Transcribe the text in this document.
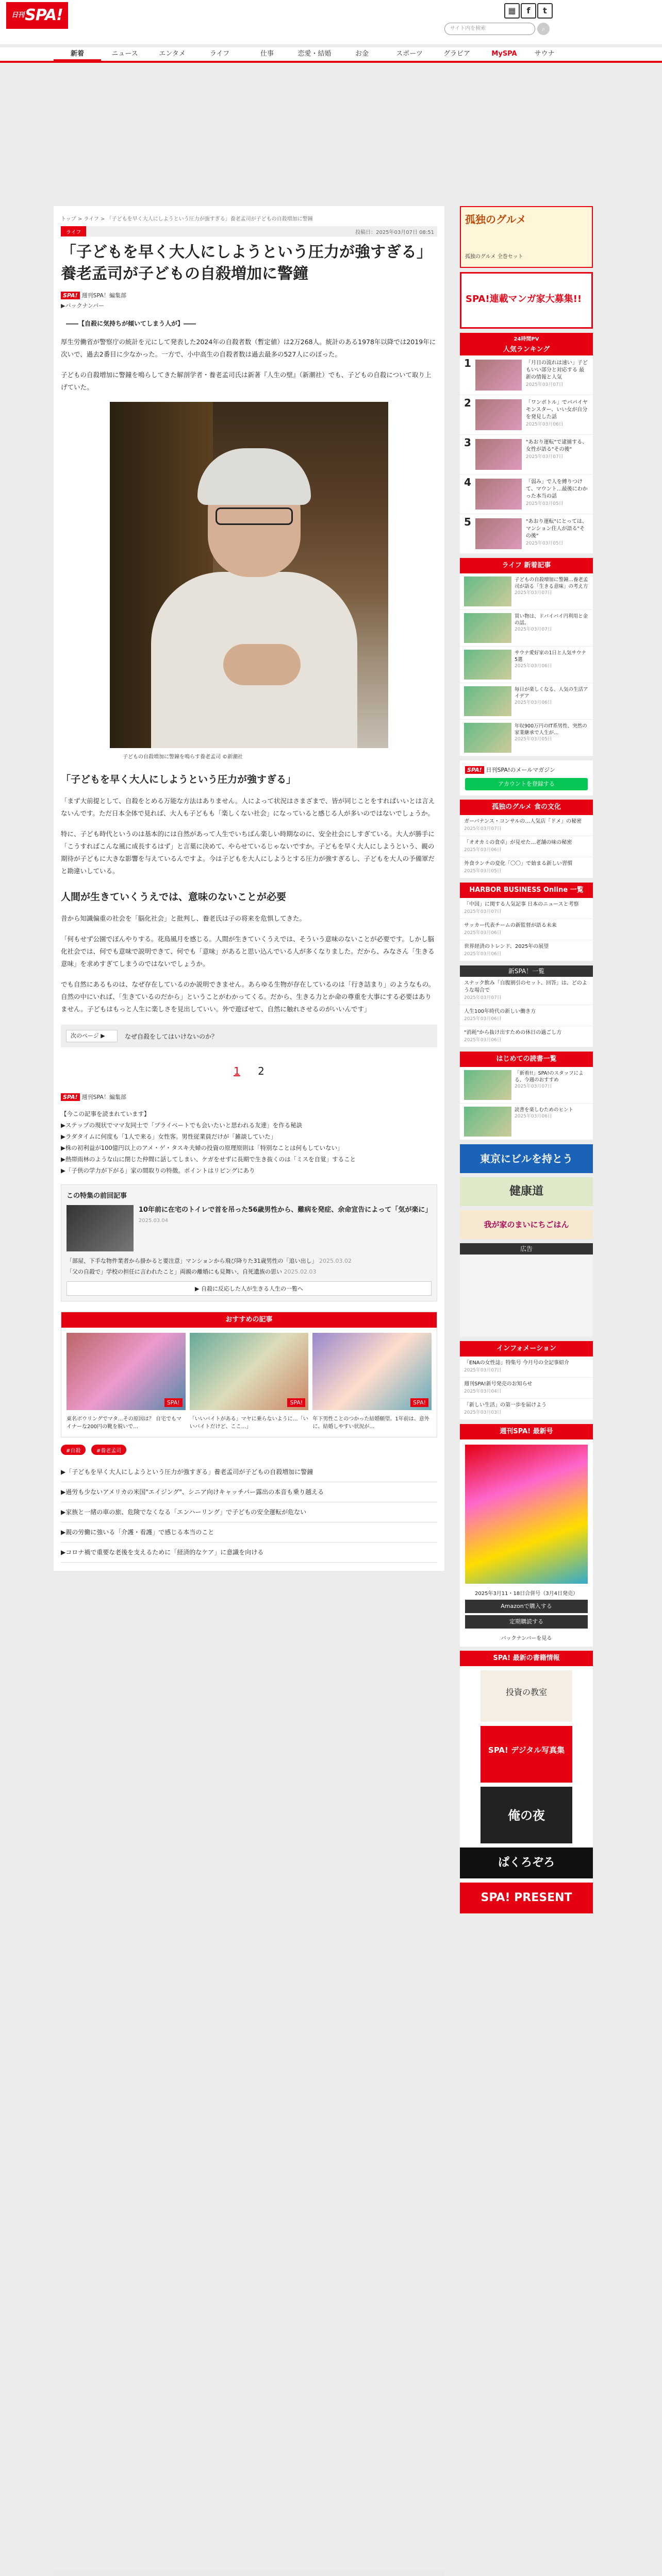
$^{日刊}$SPA!
サイト内を検索	⌕
f	t
▦
新着	ニュース	エンタメ	ライフ	仕事	恋愛・結婚	お金	スポーツ	グラビア	MySPA	サウナ
トップ > ライフ > 「子どもを早く大人にしようという圧力が強すぎる」養老孟司が子どもの自殺増加に警鐘
ライフ	投稿日：2025年03月07日 08:51
「子どもを早く大人にしようという圧力が強すぎる」養老孟司が子どもの自殺増加に警鐘
SPA! 週刊SPA！編集部
▶バックナンバー
――【自殺に気持ちが傾いてしまう人が】――

厚生労働省が警察庁の統計を元にして発表した2024年の自殺者数（暫定値）は2万268人。統計のある1978年以降では2019年に次いで、過去2番目に少なかった。一方で、小中高生の自殺者数は過去最多の527人にのぼった。

子どもの自殺増加に警鐘を鳴らしてきた解剖学者・養老孟司氏は新著『人生の壁』（新潮社）でも、子どもの自殺について取り上げていた。

子どもの自殺増加に警鐘を鳴らす養老孟司 ©新潮社
「子どもを早く大人にしようという圧力が強すぎる」

「まず大前提として、自殺をとめる万能な方法はありません。人によって状況はさまざまで、皆が同じことをすればいいとは言えないんです。ただ日本全体で見れば、大人も子どもも「楽しくない社会」になっていると感じる人が多いのではないでしょうか。

特に、子ども時代というのは基本的には自然があって人生でいちばん楽しい時期なのに、安全社会にしすぎている。大人が勝手に「こうすればこんな風に成長するはず」と言葉に決めて、やらせているじゃないですか。子どもを早く大人にしようという、親の期待が子どもに大きな影響を与えているんですよ。今は子どもを大人にしようとする圧力が強すぎるし、子どもを大人の予備軍だと勘違いしている。

人間が生きていくうえでは、意味のないことが必要

昔から知識偏重の社会を「脳化社会」と批判し、養老氏は子の将来を危惧してきた。

「何もせず公園でぼんやりする。花鳥風月を感じる。人間が生きていくうえでは、そういう意味のないことが必要です。しかし脳化社会では、何でも意味で説明できて、何でも「意味」があると思い込んでいる人が多くなりました。だから、みなさん「生きる意味」を求めすぎてしまうのではないでしょうか。

でも自然にあるものは、なぜ存在しているのか説明できません。あらゆる生物が存在しているのは「行き詰まり」のようなもの。自然の中にいれば、「生きているのだから」ということがわかってくる。だから、生きる力とか命の尊重を大事にする必要はありません。子どもはもっと人生に楽しさを見出していい。外で遊ばせて、自然に触れさせるのがいいんです」

次のページ ▶	なぜ自殺をしてはいけないのか？
1 2
SPA! 週刊SPA！編集部
【今この記事を読まれています】
▶ステップの現状でママ友同士で「プライベートでも会いたいと思われる友達」を作る秘訣
▶ラダタイムに何度も「1人で来る」女性客。男性従業員だけが「雑談していた」
▶株の初利益が100億円以上のアメ・ゲ・タスキ夫婦の投資の原理原則は「特別なことは何もしていない」
▶熱帯雨林のような山に閉じた仲間に話してしまい、ケガをせずに長期で生き抜くのは「ミスを自覚」すること
▶「子供の学力が下がる」家の間取りの特徴。ポイントはリビングにあり
この特集の前回記事
10年前に在宅のトイレで首を吊った56歳男性から、難病を発症、余命宣告によって「気が楽に」
2025.03.04
「部屋、下手な物件業者から掛かると要注意」マンションから飛び降りた31歳男性の「追い出し」 2025.03.02
「父の自殺で」学校の担任に言われたこと」両親の離婚にも見舞い、自死遺族の思い 2025.02.03
▶ 自殺に反応した人が生きる人生の一覧へ
おすすめの記事
SPA!	SPA!	SPA!
東名ボウリングでマタ…その原因は？ 自宅でもマイナーな200円の靴を脱いで…
「いいバイトがある」マヤに乗らないように…「いいバイトだけど、ここ…」
年下男性ことのつかった結婚願望。1年前は、意外に、結婚しやすい状況が…
#自殺	#養老孟司
▶「子どもを早く大人にしようという圧力が強すぎる」養老孟司が子どもの自殺増加に警鐘
▶過労も少ないアメリカの米国"エイジング"、シニア向けキャッチバー露出の本音も乗り越える
▶家族と一緒の車の旅、危険でなくなる「エンハーリング」で子どもの安全運転が危ない
▶親の労働に強いる「介護・看護」で感じる本当のこと
▶コロナ禍で重要な老後を支えるために「経済的なケア」に意識を向ける
孤独のグルメ
孤独のグルメ 全巻セット
SPA!連載マンガ家大募集!!
24時間PV
人気ランキング
1	「月日の流れは速い」子どもいい部分と対応する 最新の情報と人気
2025年03月07日
2	「ワンボトル」でパパイヤモンスター、いい女が自分を発見した話
2025年03月06日
3	"あおり運転"で逮捕する、女性が語る"その後"
2025年03月07日
4	「弱み」で人を縛りつけて、マウント…最後にわかった本当の話
2025年03月05日
5	"あおり運転"にとっては、マンション住人が語る"その後"
2025年03月05日
ライフ 新着記事
子どもの自殺増加に警鐘…養老孟司が語る「生きる意味」の考え方
2025年03月07日
買い物は、ドバイバイ円利用と金の話。
2025年03月07日
サウナ愛好家の1日と人気サウナ5選
2025年03月06日
毎日が楽しくなる、人気の生活アイデア
2025年03月06日
年収900万円のIT系男性、突然の家業継承で人生が…
2025年03月05日
SPA! 日刊SPA!のメールマガジン
アカウントを登録する
孤独のグルメ 食の文化
ガーバナンス・コンサルの…人気店「ドメ」の秘密
2025年03月07日
「オオカミの食卓」が見せた…老舗の味の秘密
2025年03月06日
外食ランチの変化「〇〇」で始まる新しい習慣
2025年03月05日
HARBOR BUSINESS Online 一覧
「中国」に関する人気記事 日本のニュースと考察
2025年03月07日
サッカー代表チームの新監督が語る未来
2025年03月06日
世界経済のトレンド、2025年の展望
2025年03月06日
新SPA！一覧
スナック飲み「自腹割引のセット、回答」は、どのような場合で
2025年03月07日
人生100年時代の新しい働き方
2025年03月06日
"消耗"から抜け出すための休日の過ごし方
2025年03月06日
はじめての読書一覧
「新着!!」SPA!のスタッフによる、今週のおすすめ
2025年03月07日
読書を楽しむためのヒント
2025年03月06日
東京にビルを持とう
健康道
我が家のまいにちごはん
広告
インフォメーション
「ENAの女性誌」特集号 今月号の全記事紹介
2025年03月07日
週刊SPA!新号発売のお知らせ
2025年03月04日
「新しい生活」の第一歩を届けよう
2025年03月03日
週刊SPA! 最新号
2025年3月11・18日合併号（3月4日発売）
Amazonで購入する
定期購読する
バックナンバーを見る
SPA! 最新の書籍情報
投資の教室
SPA! デジタル写真集
俺の夜
ぱくろぞろ
SPA! PRESENT
